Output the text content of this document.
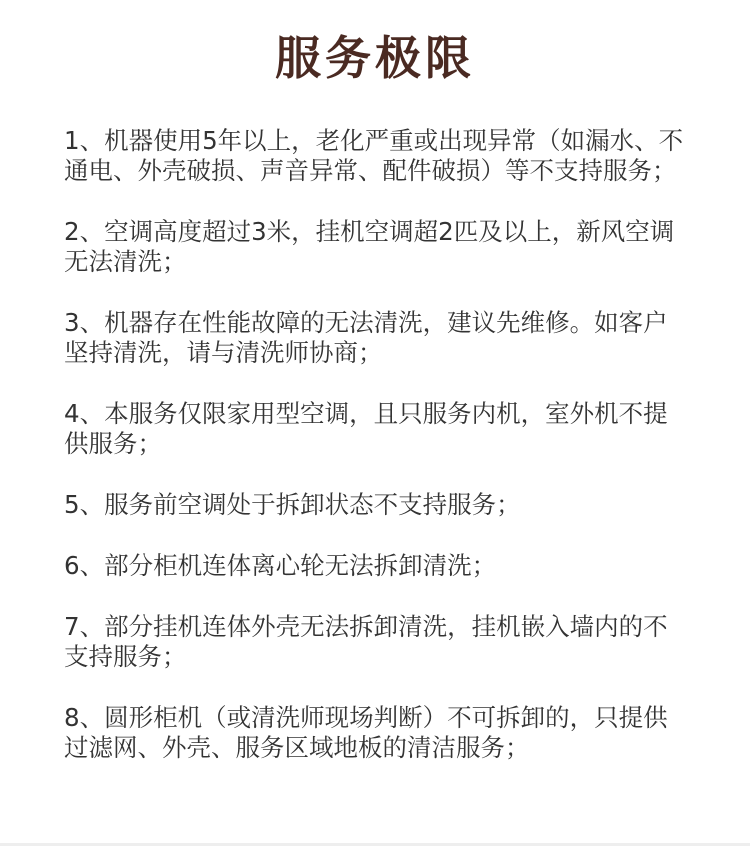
服务极限
1、机器使用5年以上，老化严重或出现异常（如漏水、不通电、外壳破损、声音异常、配件破损）等不支持服务；
2、空调高度超过3米，挂机空调超2匹及以上，新风空调无法清洗；
3、机器存在性能故障的无法清洗，建议先维修。如客户坚持清洗，请与清洗师协商；
4、本服务仅限家用型空调，且只服务内机，室外机不提供服务；
5、服务前空调处于拆卸状态不支持服务；
6、部分柜机连体离心轮无法拆卸清洗；
7、部分挂机连体外壳无法拆卸清洗，挂机嵌入墙内的不支持服务；
8、圆形柜机（或清洗师现场判断）不可拆卸的，只提供过滤网、外壳、服务区域地板的清洁服务；
